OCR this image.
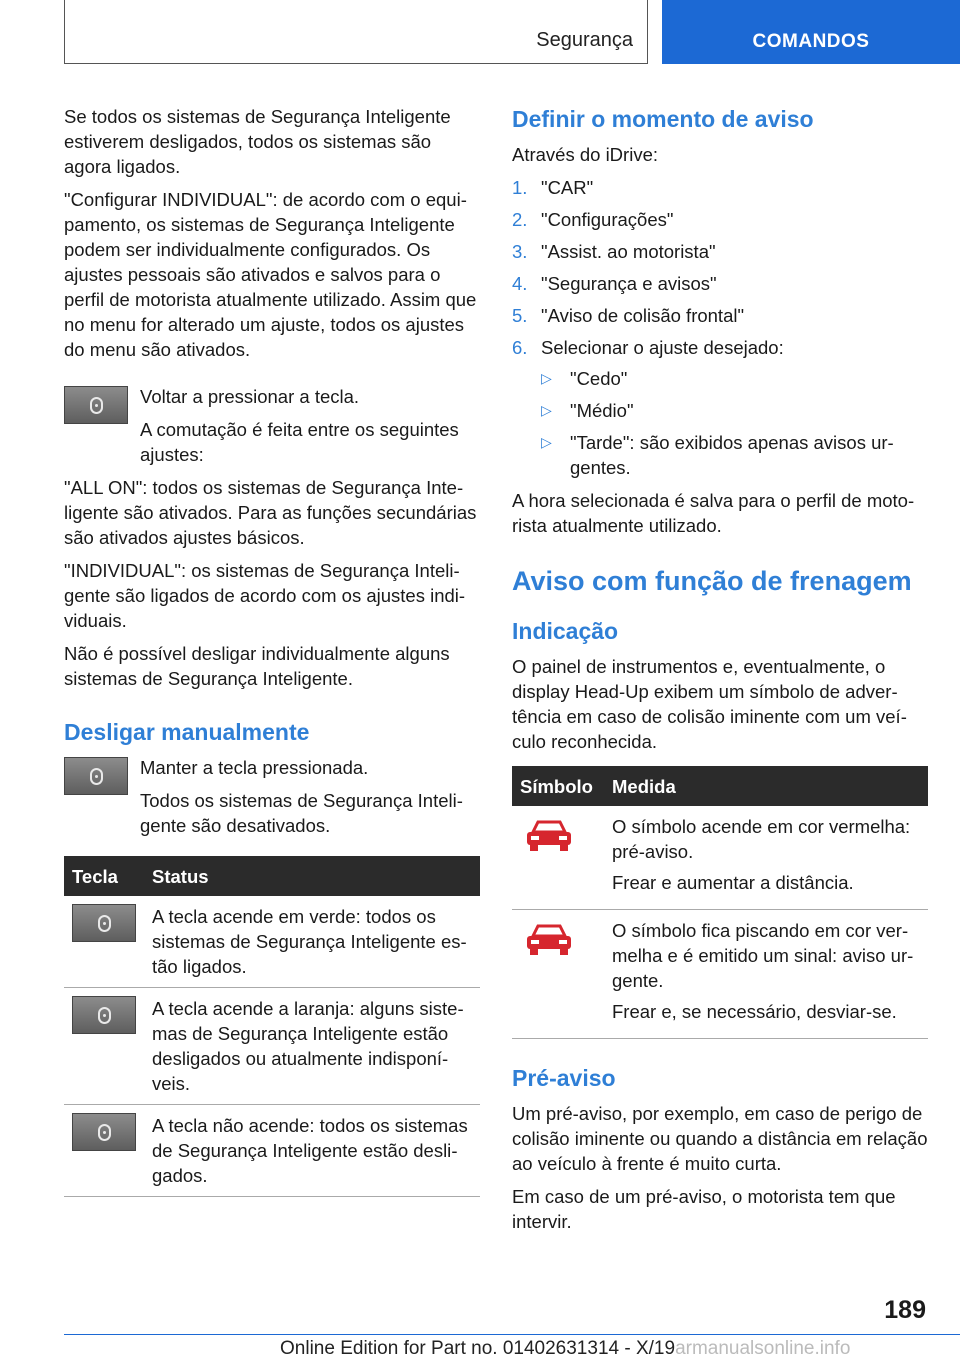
Segurança	COMANDOS

Se todos os sistemas de Segurança Inteligente estiverem desligados, todos os sistemas são agora ligados.

"Configurar INDIVIDUAL": de acordo com o equipamento, os sistemas de Segurança Inteligente podem ser individualmente configurados. Os ajustes pessoais são ativados e salvos para o perfil de motorista atualmente utilizado. Assim que no menu for alterado um ajuste, todos os ajustes do menu são ativados.

Voltar a pressionar a tecla.

A comutação é feita entre os seguintes ajustes:

"ALL ON": todos os sistemas de Segurança Inteligente são ativados. Para as funções secundárias são ativados ajustes básicos.

"INDIVIDUAL": os sistemas de Segurança Inteligente são ligados de acordo com os ajustes individuais.

Não é possível desligar individualmente alguns sistemas de Segurança Inteligente.

Desligar manualmente

Manter a tecla pressionada.

Todos os sistemas de Segurança Inteligente são desativados.

Tecla	Status

	A tecla acende em verde: todos os sistemas de Segurança Inteligente estão ligados.

	A tecla acende a laranja: alguns sistemas de Segurança Inteligente estão desligados ou atualmente indisponíveis.

	A tecla não acende: todos os sistemas de Segurança Inteligente estão desligados.
Definir o momento de aviso

Através do iDrive:

1. "CAR"
2. "Configurações"
3. "Assist. ao motorista"
4. "Segurança e avisos"
5. "Aviso de colisão frontal"
6. Selecionar o ajuste desejado:
▷ "Cedo"
▷ "Médio"
▷ "Tarde": são exibidos apenas avisos urgentes.

A hora selecionada é salva para o perfil de motorista atualmente utilizado.

Aviso com função de frenagem
Indicação

O painel de instrumentos e, eventualmente, o display Head-Up exibem um símbolo de advertência em caso de colisão iminente com um veículo reconhecida.

Símbolo	Medida

O símbolo acende em cor vermelha: pré-aviso.

Frear e aumentar a distância.

O símbolo fica piscando em cor vermelha e é emitido um sinal: aviso urgente.

Frear e, se necessário, desviar-se.

Pré-aviso

Um pré-aviso, por exemplo, em caso de perigo de colisão iminente ou quando a distância em relação ao veículo à frente é muito curta.

Em caso de um pré-aviso, o motorista tem que intervir.

189
Online Edition for Part no. 01402631314 - X/19armanualsonline.info
